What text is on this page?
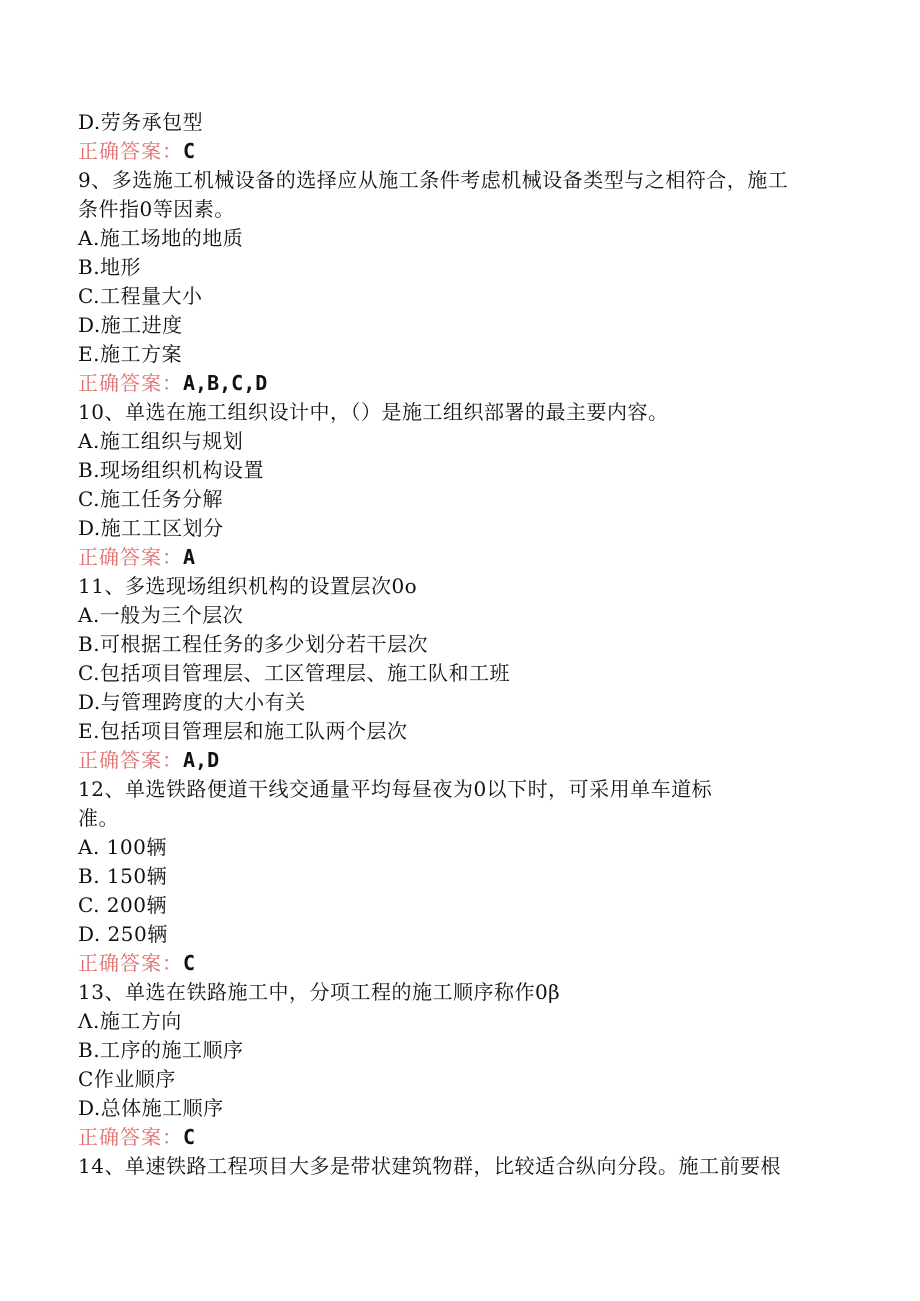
D.劳务承包型
正确答案：C
9、多选施工机械设备的选择应从施工条件考虑机械设备类型与之相符合，施工
条件指0等因素。
A.施工场地的地质
B.地形
C.工程量大小
D.施工进度
E.施工方案
正确答案：A,B,C,D
10、单选在施工组织设计中，（）是施工组织部署的最主要内容。
A.施工组织与规划
B.现场组织机构设置
C.施工任务分解
D.施工工区划分
正确答案：A
11、多选现场组织机构的设置层次0o
A.一般为三个层次
B.可根据工程任务的多少划分若干层次
C.包括项目管理层、工区管理层、施工队和工班
D.与管理跨度的大小有关
E.包括项目管理层和施工队两个层次
正确答案：A,D
12、单选铁路便道干线交通量平均每昼夜为0以下时，可采用单车道标
准。
A. 100辆
B. 150辆
C. 200辆
D. 250辆
正确答案：C
13、单选在铁路施工中，分项工程的施工顺序称作0β
Λ.施工方向
B.工序的施工顺序
C作业顺序
D.总体施工顺序
正确答案：C
14、单速铁路工程项目大多是带状建筑物群，比较适合纵向分段。施工前要根
